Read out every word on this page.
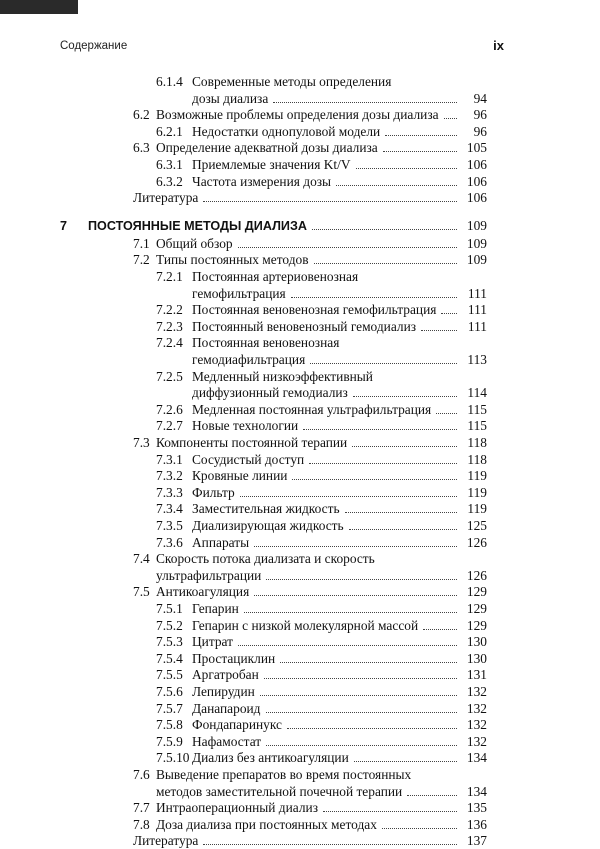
Содержание	ix
6.1.4 Современные методы определения
дозы диализа	94
6.2 Возможные проблемы определения дозы диализа	96
6.2.1 Недостатки однопуловой модели	96
6.3 Определение адекватной дозы диализа	105
6.3.1 Приемлемые значения Kt/V	106
6.3.2 Частота измерения дозы	106
Литература	106
7 ПОСТОЯННЫЕ МЕТОДЫ ДИАЛИЗА	109
7.1 Общий обзор	109
7.2 Типы постоянных методов	109
7.2.1 Постоянная артериовенозная
гемофильтрация	111
7.2.2 Постоянная веновенозная гемофильтрация	111
7.2.3 Постоянный веновенозный гемодиализ	111
7.2.4 Постоянная веновенозная
гемодиафильтрация	113
7.2.5 Медленный низкоэффективный
диффузионный гемодиализ	114
7.2.6 Медленная постоянная ультрафильтрация	115
7.2.7 Новые технологии	115
7.3 Компоненты постоянной терапии	118
7.3.1 Сосудистый доступ	118
7.3.2 Кровяные линии	119
7.3.3 Фильтр	119
7.3.4 Заместительная жидкость	119
7.3.5 Диализирующая жидкость	125
7.3.6 Аппараты	126
7.4 Скорость потока диализата и скорость
ультрафильтрации	126
7.5 Антикоагуляция	129
7.5.1 Гепарин	129
7.5.2 Гепарин с низкой молекулярной массой	129
7.5.3 Цитрат	130
7.5.4 Простациклин	130
7.5.5 Аргатробан	131
7.5.6 Лепирудин	132
7.5.7 Данапароид	132
7.5.8 Фондапаринукс	132
7.5.9 Нафамостат	132
7.5.10 Диализ без антикоагуляции	134
7.6 Выведение препаратов во время постоянных
методов заместительной почечной терапии	134
7.7 Интраоперационный диализ	135
7.8 Доза диализа при постоянных методах	136
Литература	137
